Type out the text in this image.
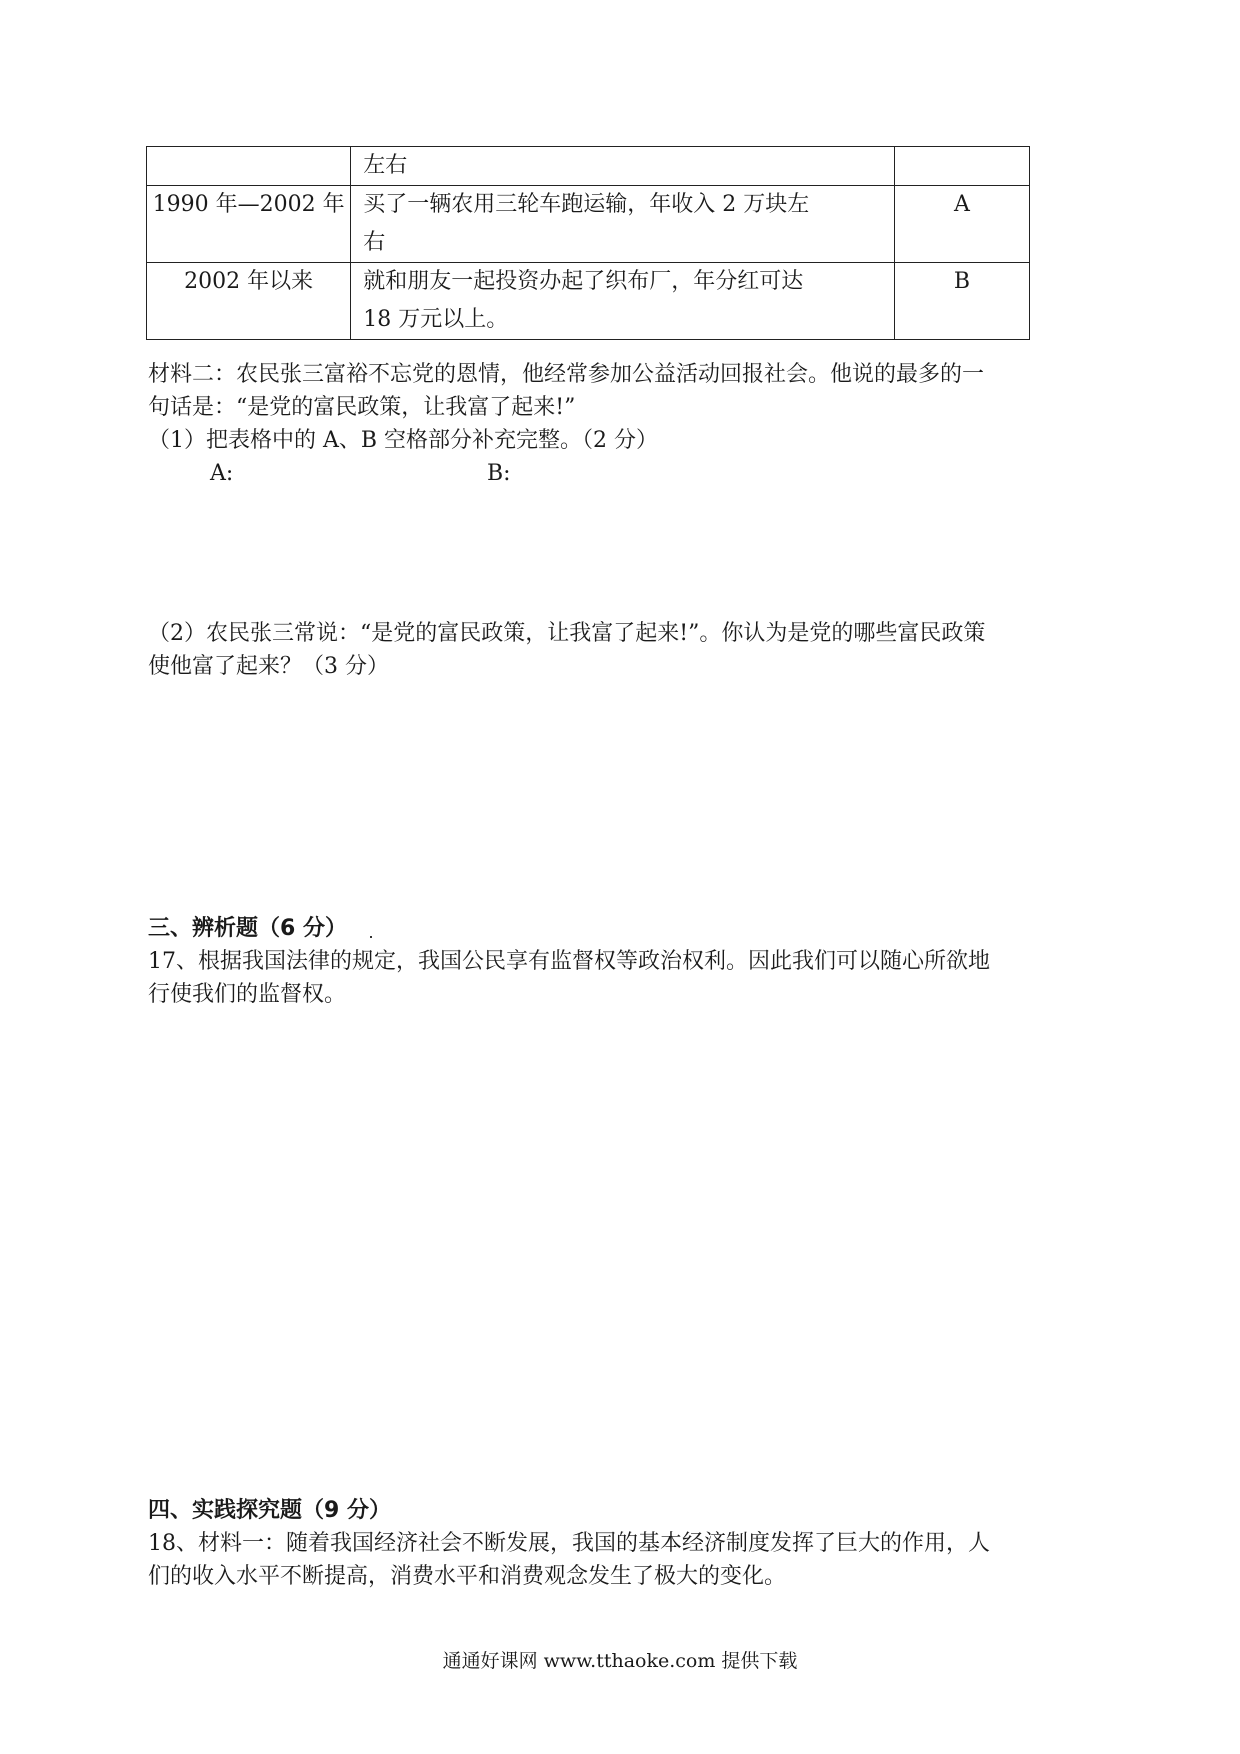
	左右	
1990 年—2002 年	买了一辆农用三轮车跑运输，年收入 2 万块左
右	A
2002 年以来	就和朋友一起投资办起了织布厂，年分红可达
18 万元以上。	B
材料二：农民张三富裕不忘党的恩情，他经常参加公益活动回报社会。他说的最多的一
句话是：“是党的富民政策，让我富了起来!”
（1）把表格中的 A、B 空格部分补充完整。（2 分）
A:	B:
（2）农民张三常说：“是党的富民政策，让我富了起来!”。你认为是党的哪些富民政策
使他富了起来？（3 分）
三、辨析题（6 分）
17、根据我国法律的规定，我国公民享有监督权等政治权利。因此我们可以随心所欲地
行使我们的监督权。
四、实践探究题（9 分）
18、材料一：随着我国经济社会不断发展，我国的基本经济制度发挥了巨大的作用，人
们的收入水平不断提高，消费水平和消费观念发生了极大的变化。
通通好课网 www.tthaoke.com 提供下载
